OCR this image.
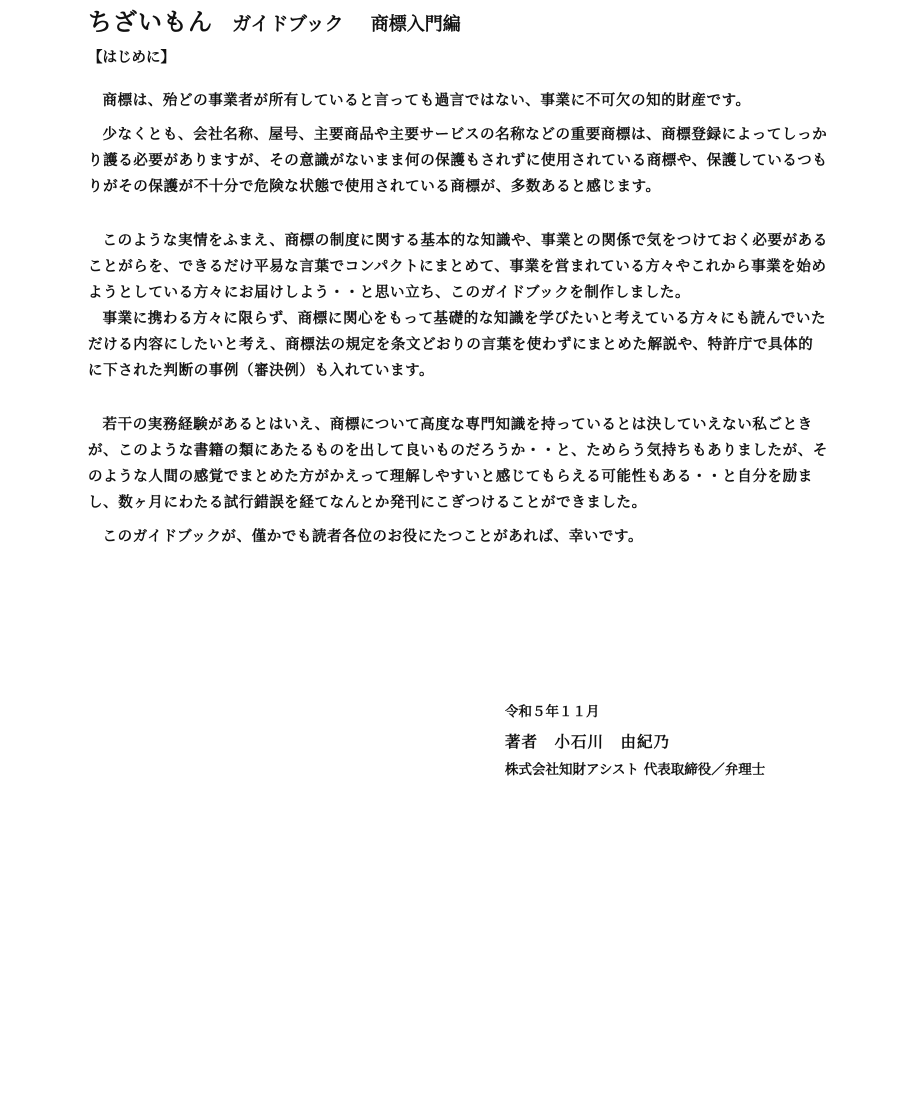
ちざいもん ガイドブック 商標入門編
【はじめに】

商標は、殆どの事業者が所有していると言っても過言ではない、事業に不可欠の知的財産です。

少なくとも、会社名称、屋号、主要商品や主要サービスの名称などの重要商標は、商標登録によってしっかり護る必要がありますが、その意識がないまま何の保護もされずに使用されている商標や、保護しているつもりがその保護が不十分で危険な状態で使用されている商標が、多数あると感じます。

このような実情をふまえ、商標の制度に関する基本的な知識や、事業との関係で気をつけておく必要があることがらを、できるだけ平易な言葉でコンパクトにまとめて、事業を営まれている方々やこれから事業を始めようとしている方々にお届けしよう・・と思い立ち、このガイドブックを制作しました。

事業に携わる方々に限らず、商標に関心をもって基礎的な知識を学びたいと考えている方々にも読んでいただける内容にしたいと考え、商標法の規定を条文どおりの言葉を使わずにまとめた解説や、特許庁で具体的に下された判断の事例（審決例）も入れています。

若干の実務経験があるとはいえ、商標について高度な専門知識を持っているとは決していえない私ごときが、このような書籍の類にあたるものを出して良いものだろうか・・と、ためらう気持ちもありましたが、そのような人間の感覚でまとめた方がかえって理解しやすいと感じてもらえる可能性もある・・と自分を励まし、数ヶ月にわたる試行錯誤を経てなんとか発刊にこぎつけることができました。

このガイドブックが、僅かでも読者各位のお役にたつことがあれば、幸いです。

令和５年１１月
著者　小石川　由紀乃
株式会社知財アシスト 代表取締役／弁理士
